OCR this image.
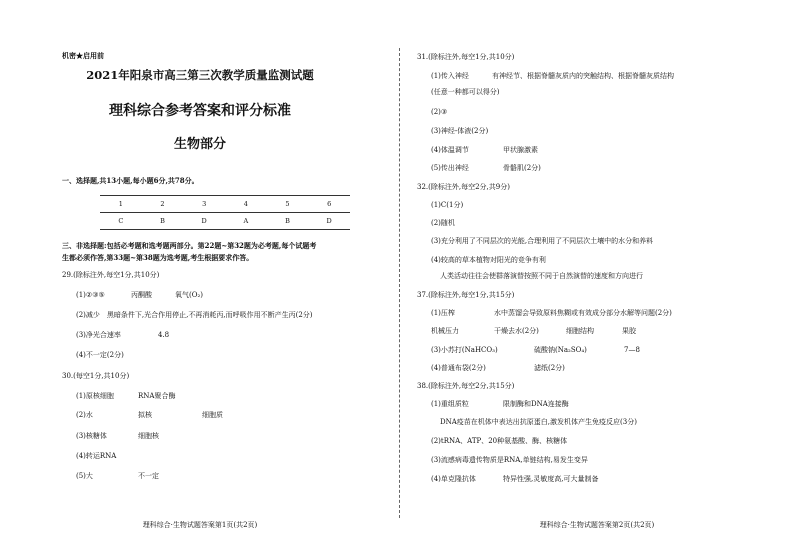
机密★启用前
2021年阳泉市高三第三次教学质量监测试题
理科综合参考答案和评分标准
生物部分
一、选择题,共13小题,每小题6分,共78分。
1	2	3	4	5	6
C	B	D	A	B	D
三、非选择题:包括必考题和选考题两部分。第22题~第32题为必考题,每个试题考
生都必须作答,第33题~第38题为选考题,考生根据要求作答。
29.(除标注外,每空1分,共10分)
(1)②③⑤	丙酮酸	氧气(O₂)
(2)减少　黑暗条件下,光合作用停止,不再消耗丙,而呼吸作用不断产生丙(2分)
(3)净光合速率	4.8
(4)不一定(2分)
30.(每空1分,共10分)
(1)原核细胞	RNA聚合酶
(2)水	拟核	细胞质
(3)核糖体	细胞核
(4)转运RNA
(5)大	不一定
理科综合·生物试题答案第1页(共2页)
31.(除标注外,每空1分,共10分)
(1)传入神经	有神经节、根据脊髓灰质内的突触结构、根据脊髓灰质结构
(任意一种都可以得分)
(2)③
(3)神经-体液(2分)
(4)体温调节	甲状腺激素
(5)传出神经	骨骼肌(2分)
32.(除标注外,每空2分,共9分)
(1)C(1分)
(2)随机
(3)充分利用了不同层次的光能,合理利用了不同层次土壤中的水分和养料
(4)较高的草本植物对阳光的竞争有利
人类活动往往会使群落演替按照不同于自然演替的速度和方向进行
37.(除标注外,每空1分,共15分)
(1)压榨	水中蒸馏会导致原料焦糊或有效成分部分水解等问题(2分)
机械压力	干燥去水(2分)	细胞结构	果胶
(3)小苏打(NaHCO₃)	硫酸钠(Na₂SO₄)	7—8
(4)普通布袋(2分)	滤纸(2分)
38.(除标注外,每空2分,共15分)
(1)重组质粒	限制酶和DNA连接酶
DNA疫苗在机体中表达出抗原蛋白,激发机体产生免疫反应(3分)
(2)tRNA、ATP、20种氨基酸、酶、核糖体
(3)流感病毒遗传物质是RNA,单链结构,易发生变异
(4)单克隆抗体	特异性强,灵敏度高,可大量制备
理科综合·生物试题答案第2页(共2页)
